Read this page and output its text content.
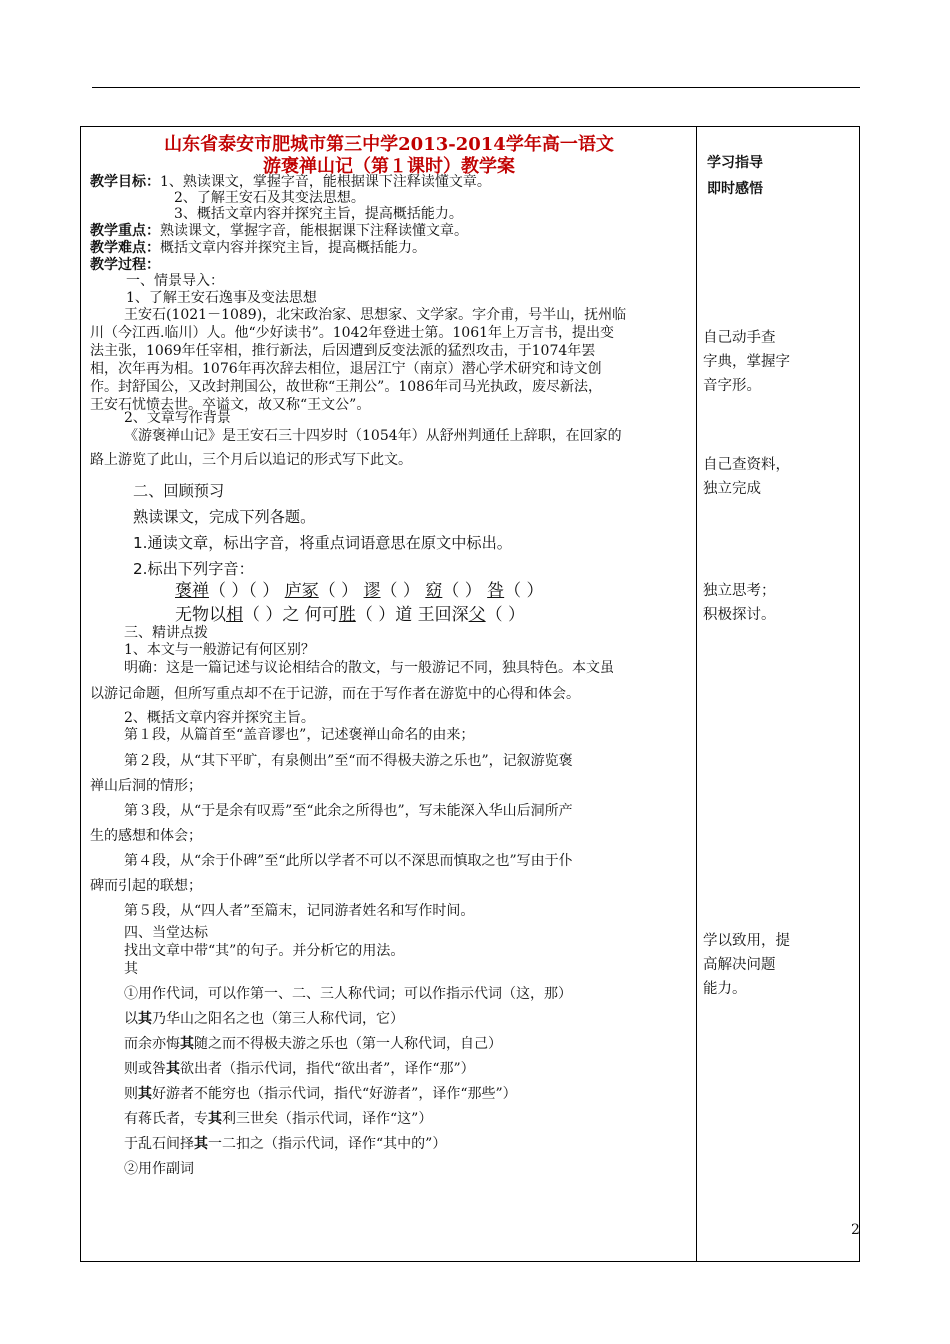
山东省泰安市肥城市第三中学2013-2014学年高一语文
游褒禅山记（第１课时）教学案	学习指导
即时感悟
自己动手查
字典，掌握字
音字形。
自己查资料，
独立完成
独立思考；
积极探讨。
学以致用，提
高解决问题
能力。
教学目标：1、熟读课文，掌握字音，能根据课下注释读懂文章。
2、了解王安石及其变法思想。
3、概括文章内容并探究主旨，提高概括能力。
教学重点：熟读课文，掌握字音，能根据课下注释读懂文章。
教学难点：概括文章内容并探究主旨，提高概括能力。
教学过程：
一、情景导入：
1、了解王安石逸事及变法思想
王安石(1021－1089)，北宋政治家、思想家、文学家。字介甫，号半山，抚州临
川（今江西.临川）人。他“少好读书”。1042年登进士第。1061年上万言书，提出变
法主张，1069年任宰相，推行新法，后因遭到反变法派的猛烈攻击，于1074年罢
相，次年再为相。1076年再次辞去相位，退居江宁（南京）潜心学术研究和诗文创
作。封舒国公，又改封荆国公，故世称“王荆公”。1086年司马光执政，废尽新法，
王安石忧愤去世。卒谥文，故又称“王文公”。
2、文章写作背景
《游褒禅山记》是王安石三十四岁时（1054年）从舒州判通任上辞职，在回家的
路上游览了此山，三个月后以追记的形式写下此文。
二、回顾预习
熟读课文，完成下列各题。
1.通读文章，标出字音，将重点词语意思在原文中标出。
2.标出下列字音：
褒禅（ ）（ ） 庐冢（ ） 谬（ ） 窈（ ） 咎（ ）
无物以相（ ）之 何可胜（ ）道 王回深父（ ）
三、精讲点拨
1、本文与一般游记有何区别？
明确：这是一篇记述与议论相结合的散文，与一般游记不同，独具特色。本文虽
以游记命题，但所写重点却不在于记游，而在于写作者在游览中的心得和体会。
2、概括文章内容并探究主旨。
第１段，从篇首至“盖音谬也”，记述褒禅山命名的由来；
第２段，从“其下平旷，有泉侧出”至“而不得极夫游之乐也”，记叙游览褒
禅山后洞的情形；
第３段，从“于是余有叹焉”至“此余之所得也”，写未能深入华山后洞所产
生的感想和体会；
第４段，从“余于仆碑”至“此所以学者不可以不深思而慎取之也”写由于仆
碑而引起的联想；
第５段，从“四人者”至篇末，记同游者姓名和写作时间。
四、当堂达标
找出文章中带“其”的句子。并分析它的用法。
其
①用作代词，可以作第一、二、三人称代词；可以作指示代词（这，那）
以其乃华山之阳名之也（第三人称代词，它）
而余亦悔其随之而不得极夫游之乐也（第一人称代词，自己）
则或咎其欲出者（指示代词，指代“欲出者”，译作“那”）
则其好游者不能穷也（指示代词，指代“好游者”，译作“那些”）
有蒋氏者，专其利三世矣（指示代词，译作“这”）
于乱石间择其一二扣之（指示代词，译作“其中的”）
②用作副词
2
